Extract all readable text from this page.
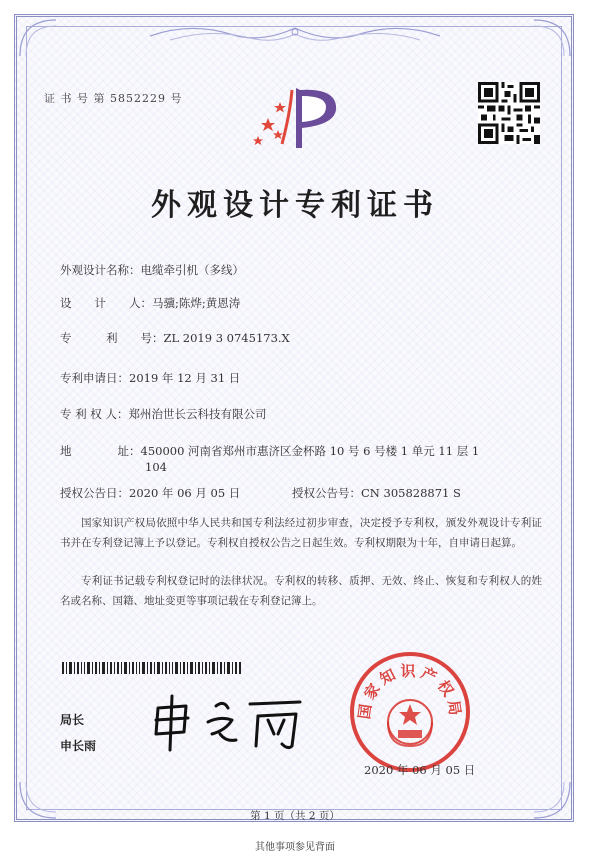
证 书 号 第 5852229 号
外观设计专利证书
外观设计名称：电缆牵引机（多线）
设　　计　　人：马骥;陈烨;黄恩涛
专　　　利　　号：ZL 2019 3 0745173.X
专利申请日：2019 年 12 月 31 日
专 利 权 人：郑州治世长云科技有限公司
地　　　　址：450000 河南省郑州市惠济区金杯路 10 号 6 号楼 1 单元 11 层 1
104
授权公告日：2020 年 06 月 05 日	授权公告号：CN 305828871 S
国家知识产权局依照中华人民共和国专利法经过初步审查，决定授予专利权，颁发外观设计专利证书并在专利登记簿上予以登记。专利权自授权公告之日起生效。专利权期限为十年，自申请日起算。
专利证书记载专利权登记时的法律状况。专利权的转移、质押、无效、终止、恢复和专利权人的姓名或名称、国籍、地址变更等事项记载在专利登记簿上。
局长
申长雨
国家知识产权局
2020 年 06 月 05 日
第 1 页（共 2 页）
其他事项参见背面
